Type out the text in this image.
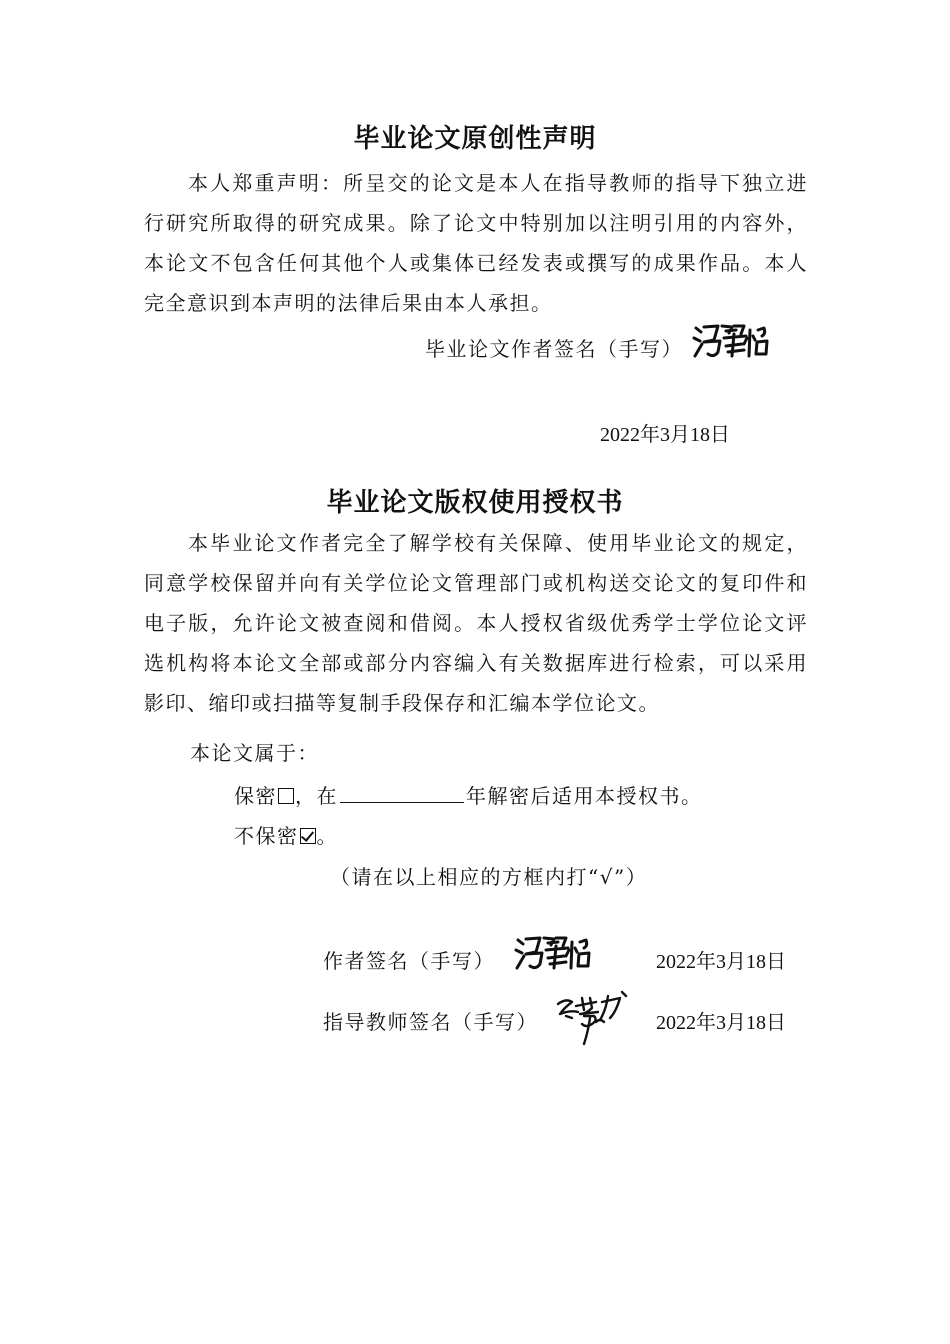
毕业论文原创性声明

本人郑重声明：所呈交的论文是本人在指导教师的指导下独立进行研究所取得的研究成果。除了论文中特别加以注明引用的内容外，本论文不包含任何其他个人或集体已经发表或撰写的成果作品。本人完全意识到本声明的法律后果由本人承担。

毕业论文作者签名（手写）
2022年3月18日
毕业论文版权使用授权书

本毕业论文作者完全了解学校有关保障、使用毕业论文的规定，同意学校保留并向有关学位论文管理部门或机构送交论文的复印件和电子版，允许论文被查阅和借阅。本人授权省级优秀学士学位论文评选机构将本论文全部或部分内容编入有关数据库进行检索，可以采用影印、缩印或扫描等复制手段保存和汇编本学位论文。

本论文属于：
保密 ，在	年解密后适用本授权书。
不保密 。
（请在以上相应的方框内打“√”）
作者签名（手写）	2022年3月18日
指导教师签名（手写）	2022年3月18日
